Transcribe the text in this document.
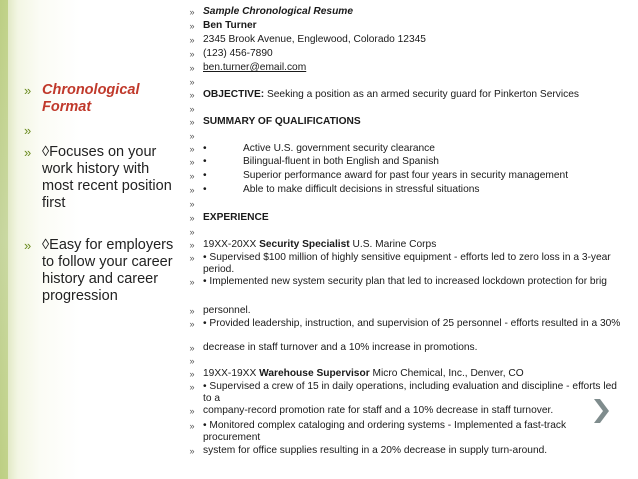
» Chronological Format
»
» ◊Focuses on your work history with most recent position first
» ◊Easy for employers to follow your career history and career progression
» Sample Chronological Resume
» Ben Turner
» 2345 Brook Avenue, Englewood, Colorado 12345
» (123) 456-7890
» ben.turner@email.com
»
» OBJECTIVE: Seeking a position as an armed security guard for Pinkerton Services
»
» SUMMARY OF QUALIFICATIONS
»
» •	Active U.S. government security clearance
» •	Bilingual-fluent in both English and Spanish
» •	Superior performance award for past four years in security management
» •	Able to make difficult decisions in stressful situations
»
» EXPERIENCE
»
» 19XX-20XX Security Specialist U.S. Marine Corps
» • Supervised $100 million of highly sensitive equipment - efforts led to zero loss in a 3-year period.
» • Implemented new system security plan that led to increased lockdown protection for brig
» personnel.
» • Provided leadership, instruction, and supervision of 25 personnel - efforts resulted in a 30%
» decrease in staff turnover and a 10% increase in promotions.
»
» 19XX-19XX Warehouse Supervisor Micro Chemical, Inc., Denver, CO
» • Supervised a crew of 15 in daily operations, including evaluation and discipline - efforts led to a
» company-record promotion rate for staff and a 10% decrease in staff turnover.
» • Monitored complex cataloging and ordering systems - Implemented a fast-track procurement
» system for office supplies resulting in a 20% decrease in supply turn-around.
